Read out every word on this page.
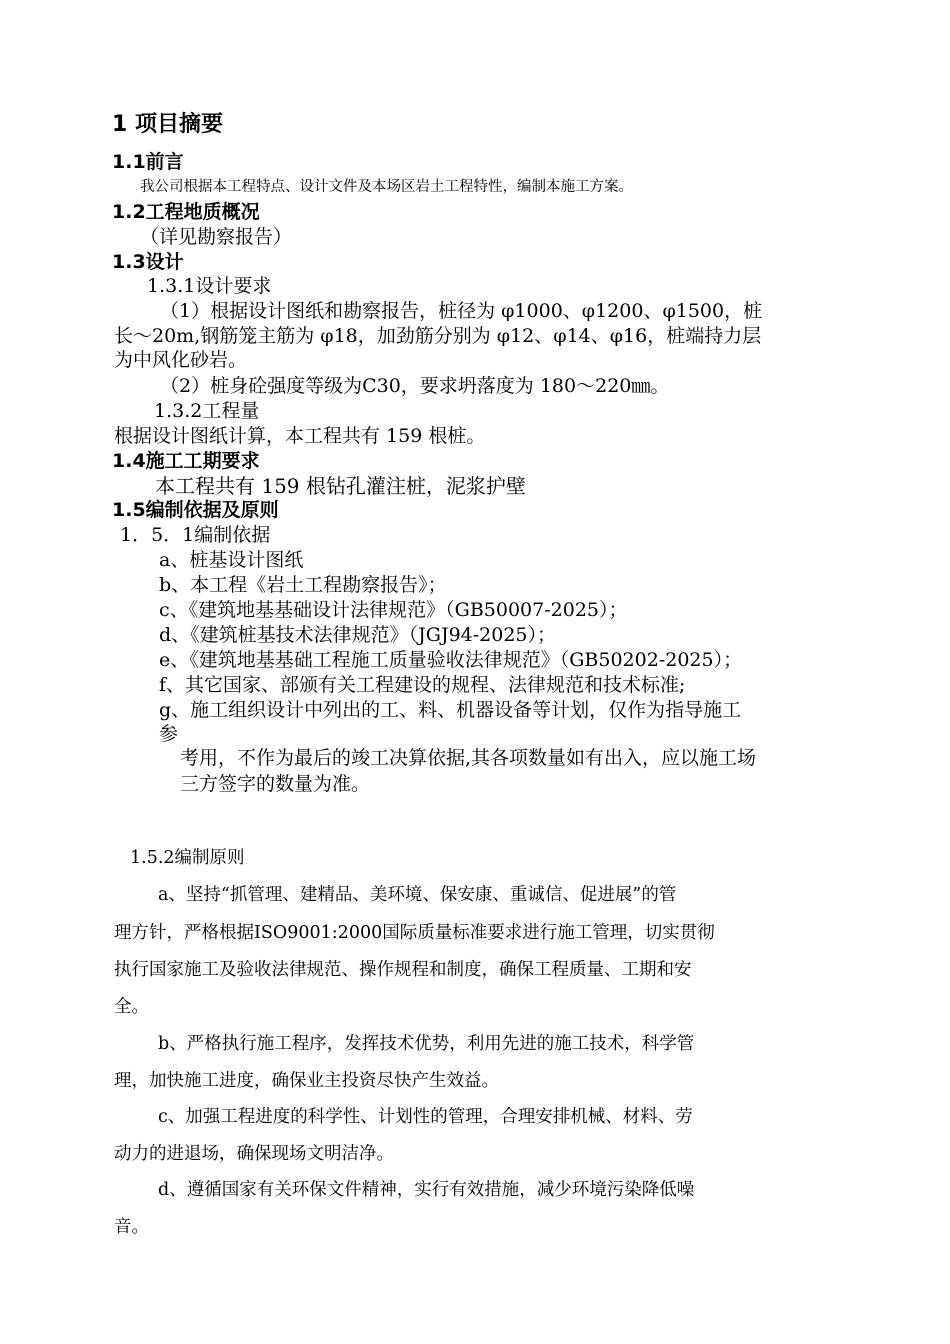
1 项目摘要
1.1前言
我公司根据本工程特点、设计文件及本场区岩土工程特性，编制本施工方案。
1.2工程地质概况
（详见勘察报告）
1.3设计
1.3.1设计要求
（1）根据设计图纸和勘察报告，桩径为 φ1000、φ1200、φ1500，桩
长～20m,钢筋笼主筋为 φ18，加劲筋分别为 φ12、φ14、φ16，桩端持力层
为中风化砂岩。
（2）桩身砼强度等级为C30，要求坍落度为 180～220㎜。
1.3.2工程量
根据设计图纸计算，本工程共有 159 根桩。
1.4施工工期要求
本工程共有 159 根钻孔灌注桩，泥浆护壁
1.5编制依据及原则
1．5．1编制依据
a、桩基设计图纸
b、本工程《岩土工程勘察报告》；
c、《建筑地基基础设计法律规范》（GB50007-2025）；
d、《建筑桩基技术法律规范》（JGJ94-2025）；
e、《建筑地基基础工程施工质量验收法律规范》（GB50202-2025）；
f、其它国家、部颁有关工程建设的规程、法律规范和技术标准;
g、施工组织设计中列出的工、料、机器设备等计划，仅作为指导施工
参
考用，不作为最后的竣工决算依据,其各项数量如有出入，应以施工场
三方签字的数量为准。
1.5.2编制原则
a、坚持“抓管理、建精品、美环境、保安康、重诚信、促进展”的管
理方针，严格根据ISO9001:2000国际质量标准要求进行施工管理，切实贯彻
执行国家施工及验收法律规范、操作规程和制度，确保工程质量、工期和安
全。
b、严格执行施工程序，发挥技术优势，利用先进的施工技术，科学管
理，加快施工进度，确保业主投资尽快产生效益。
c、加强工程进度的科学性、计划性的管理，合理安排机械、材料、劳
动力的进退场，确保现场文明洁净。
d、遵循国家有关环保文件精神，实行有效措施，减少环境污染降低噪
音。
